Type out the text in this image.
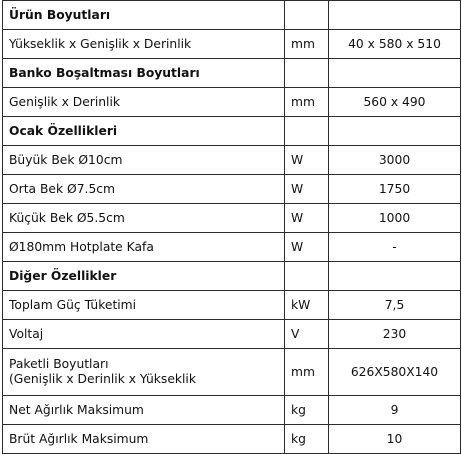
Ürün Boyutları		
Yükseklik x Genişlik x Derinlik	mm	40 x 580 x 510
Banko Boşaltması Boyutları		
Genişlik x Derinlik	mm	560 x 490
Ocak Özellikleri		
Büyük Bek Ø10cm	W	3000
Orta Bek Ø7.5cm	W	1750
Küçük Bek Ø5.5cm	W	1000
Ø180mm Hotplate Kafa	W	-
Diğer Özellikler		
Toplam Güç Tüketimi	kW	7,5
Voltaj	V	230

Paketli Boyutları
(Genişlik x Derinlik x Yükseklik	mm	626X580X140
Net Ağırlık Maksimum	kg	9
Brüt Ağırlık Maksimum	kg	10
